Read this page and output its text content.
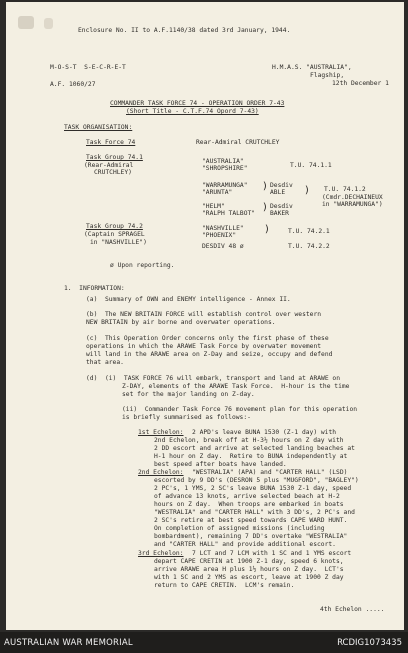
Enclosure No. II to A.F.1140/38 dated 3rd January, 1944.
M-O-S-T  S-E-C-R-E-T	H.M.A.S. "AUSTRALIA",
Flagship,
A.F. 1060/27	12th December 1
COMMANDER TASK FORCE 74 - OPERATION ORDER 7-43
(Short Title - C.T.F.74 Opord 7-43)
TASK ORGANISATION:
Task Force 74	Rear-Admiral CRUTCHLEY
Task Group 74.1
(Rear-Admiral
CRUTCHLEY)
"AUSTRALIA"
"SHROPSHIRE"	T.U. 74.1.1
"WARRAMUNGA"
"ARUNTA"
) Desdiv
ABLE ) T.U. 74.1.2
(Cmdr.DECHAINEUX
in "WARRAMUNGA")
"HELM"
"RALPH TALBOT"
) Desdiv
BAKER
Task Group 74.2
(Captain SPRAGEL
in "NASHVILLE")
"NASHVILLE"
"PHOENIX"
)	T.U. 74.2.1
DESDIV 48 ø	T.U. 74.2.2
ø Upon reporting.
1.  INFORMATION:
(a)  Summary of OWN and ENEMY intelligence - Annex II.
(b)  The NEW BRITAIN FORCE will establish control over western
NEW BRITAIN by air borne and overwater operations.
(c)  This Operation Order concerns only the first phase of these
operations in which the ARAWE Task Force by overwater movement
will land in the ARAWE area on Z-Day and seize, occupy and defend
that area.
(d)  (i)  TASK FORCE 76 will embark, transport and land at ARAWE on
Z-DAY, elements of the ARAWE Task Force.  H-hour is the time
set for the major landing on Z-day.
(ii)  Commander Task Force 76 movement plan for this operation
is briefly summarised as follows:-
1st Echelon: 2 APD's leave BUNA 1530 (Z-1 day) with
2nd Echelon, break off at H-3½ hours on Z day with
2 DD escort and arrive at selected landing beaches at
H-1 hour on Z day.  Retire to BUNA independently at
best speed after boats have landed.
2nd Echelon: "WESTRALIA" (APA) and "CARTER HALL" (LSD)
escorted by 9 DD's (DESRON 5 plus "MUGFORD", "BAGLEY")
2 PC's, 1 YMS, 2 SC's leave BUNA 1530 Z-1 day, speed
of advance 13 knots, arrive selected beach at H-2
hours on Z day.  When troops are embarked in boats
"WESTRALIA" and "CARTER HALL" with 3 DD's, 2 PC's and
2 SC's retire at best speed towards CAPE WARD HUNT.
On completion of assigned missions (including
bombardment), remaining 7 DD's overtake "WESTRALIA"
and "CARTER HALL" and provide additional escort.
3rd Echelon: 7 LCT and 7 LCM with 1 SC and 1 YMS escort
depart CAPE CRETIN at 1900 Z-1 day, speed 6 knots,
arrive ARAWE area H plus 1½ hours on Z day.  LCT's
with 1 SC and 2 YMS as escort, leave at 1900 Z day
return to CAPE CRETIN.  LCM's remain.
4th Echelon .....
AUSTRALIAN WAR MEMORIAL	RCDIG1073435
